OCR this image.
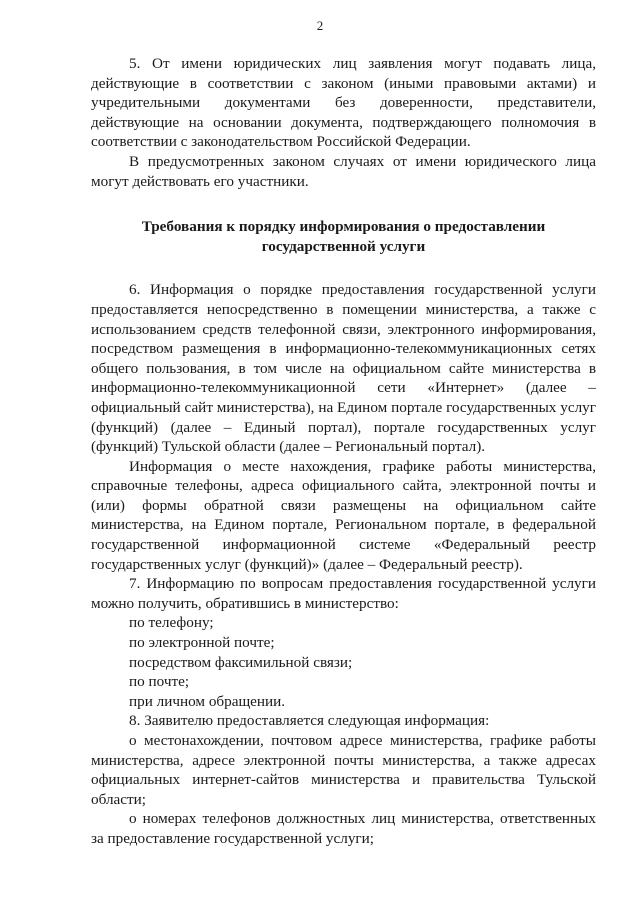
2

5. От имени юридических лиц заявления могут подавать лица, действующие в соответствии с законом (иными правовыми актами) и учредительными документами без доверенности, представители, действующие на основании документа, подтверждающего полномочия в соответствии с законодательством Российской Федерации.

В предусмотренных законом случаях от имени юридического лица могут действовать его участники.

Требования к порядку информирования о предоставлении
государственной услуги

6. Информация о порядке предоставления государственной услуги предоставляется непосредственно в помещении министерства, а также с использованием средств телефонной связи, электронного информирования, посредством размещения в информационно-телекоммуникационных сетях общего пользования, в том числе на официальном сайте министерства в информационно-телекоммуникационной сети «Интернет» (далее – официальный сайт министерства), на Едином портале государственных услуг (функций) (далее – Единый портал), портале государственных услуг (функций) Тульской области (далее – Региональный портал).

Информация о месте нахождения, графике работы министерства, справочные телефоны, адреса официального сайта, электронной почты и (или) формы обратной связи размещены на официальном сайте министерства, на Едином портале, Региональном портале, в федеральной государственной информационной системе «Федеральный реестр государственных услуг (функций)» (далее – Федеральный реестр).

7. Информацию по вопросам предоставления государственной услуги можно получить, обратившись в министерство:

по телефону;

по электронной почте;

посредством факсимильной связи;

по почте;

при личном обращении.

8. Заявителю предоставляется следующая информация:

о местонахождении, почтовом адресе министерства, графике работы министерства, адресе электронной почты министерства, а также адресах официальных интернет-сайтов министерства и правительства Тульской области;

о номерах телефонов должностных лиц министерства, ответственных за предоставление государственной услуги;
